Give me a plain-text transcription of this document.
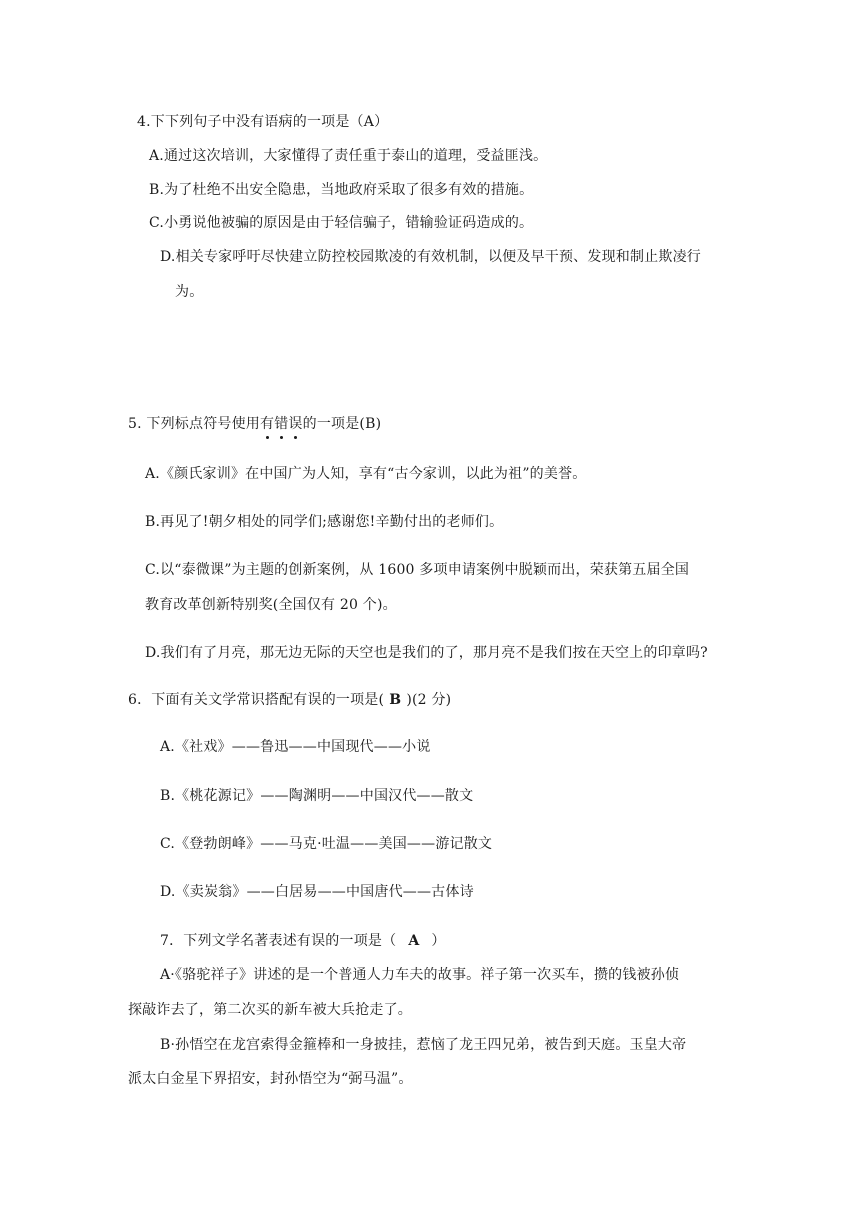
4.下下列句子中没有语病的一项是（A）
A.通过这次培训，大家懂得了责任重于泰山的道理，受益匪浅。
B.为了杜绝不出安全隐患，当地政府采取了很多有效的措施。
C.小勇说他被骗的原因是由于轻信骗子，错输验证码造成的。
D.相关专家呼吁尽快建立防控校园欺凌的有效机制，以便及早干预、发现和制止欺凌行
为。
5. 下列标点符号使用有错误的一项是(B)
A.《颜氏家训》在中国广为人知，享有“古今家训，以此为祖”的美誉。
B.再见了!朝夕相处的同学们;感谢您!辛勤付出的老师们。
C.以“泰微课”为主题的创新案例，从 1600 多项申请案例中脱颖而出，荣获第五届全国
教育改革创新特别奖(全国仅有 20 个)。
D.我们有了月亮，那无边无际的天空也是我们的了，那月亮不是我们按在天空上的印章吗?
6．下面有关文学常识搭配有误的一项是( B )(2 分)
A.《社戏》——鲁迅——中国现代——小说
B.《桃花源记》——陶渊明——中国汉代——散文
C.《登勃朗峰》——马克·吐温——美国——游记散文
D.《卖炭翁》——白居易——中国唐代——古体诗
7．下列文学名著表述有误的一项是（ A ）
A·《骆驼祥子》讲述的是一个普通人力车夫的故事。祥子第一次买车，攒的钱被孙侦
探敲诈去了，第二次买的新车被大兵抢走了。
B·孙悟空在龙宫索得金箍棒和一身披挂，惹恼了龙王四兄弟，被告到天庭。玉皇大帝
派太白金星下界招安，封孙悟空为“弼马温”。
